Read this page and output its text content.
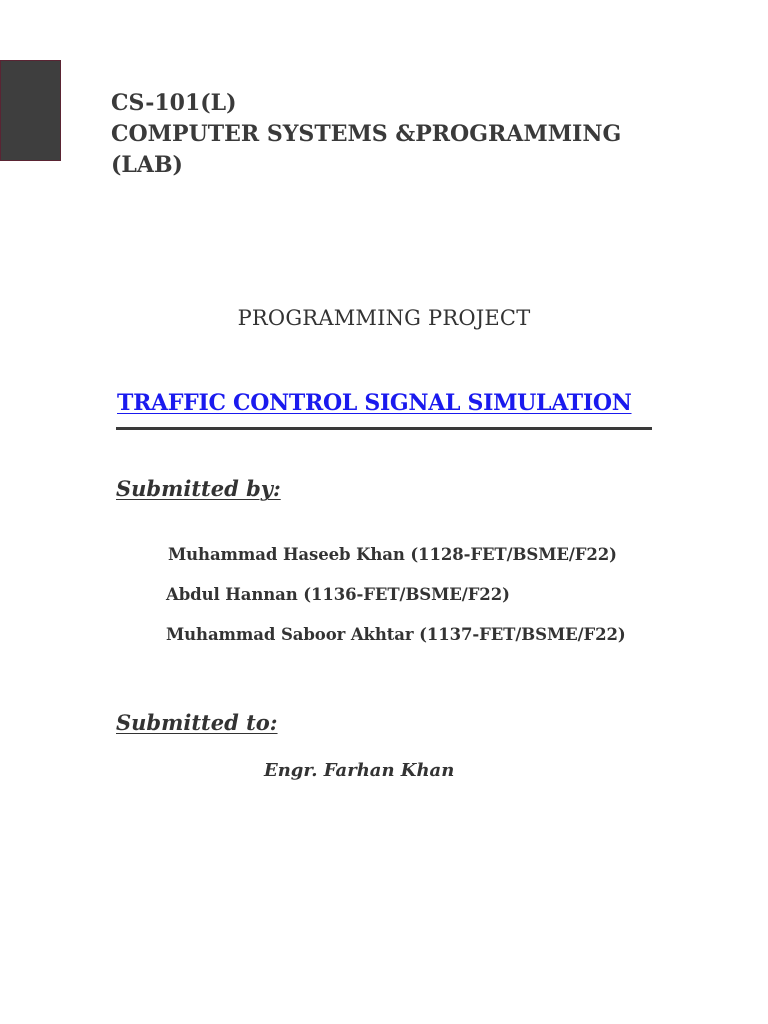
CS-101(L)
COMPUTER SYSTEMS &PROGRAMMING
(LAB)
PROGRAMMING PROJECT
TRAFFIC CONTROL SIGNAL SIMULATION
Submitted by:
Muhammad Haseeb Khan (1128-FET/BSME/F22)
Abdul Hannan (1136-FET/BSME/F22)
Muhammad Saboor Akhtar (1137-FET/BSME/F22)
Submitted to:
Engr. Farhan Khan
